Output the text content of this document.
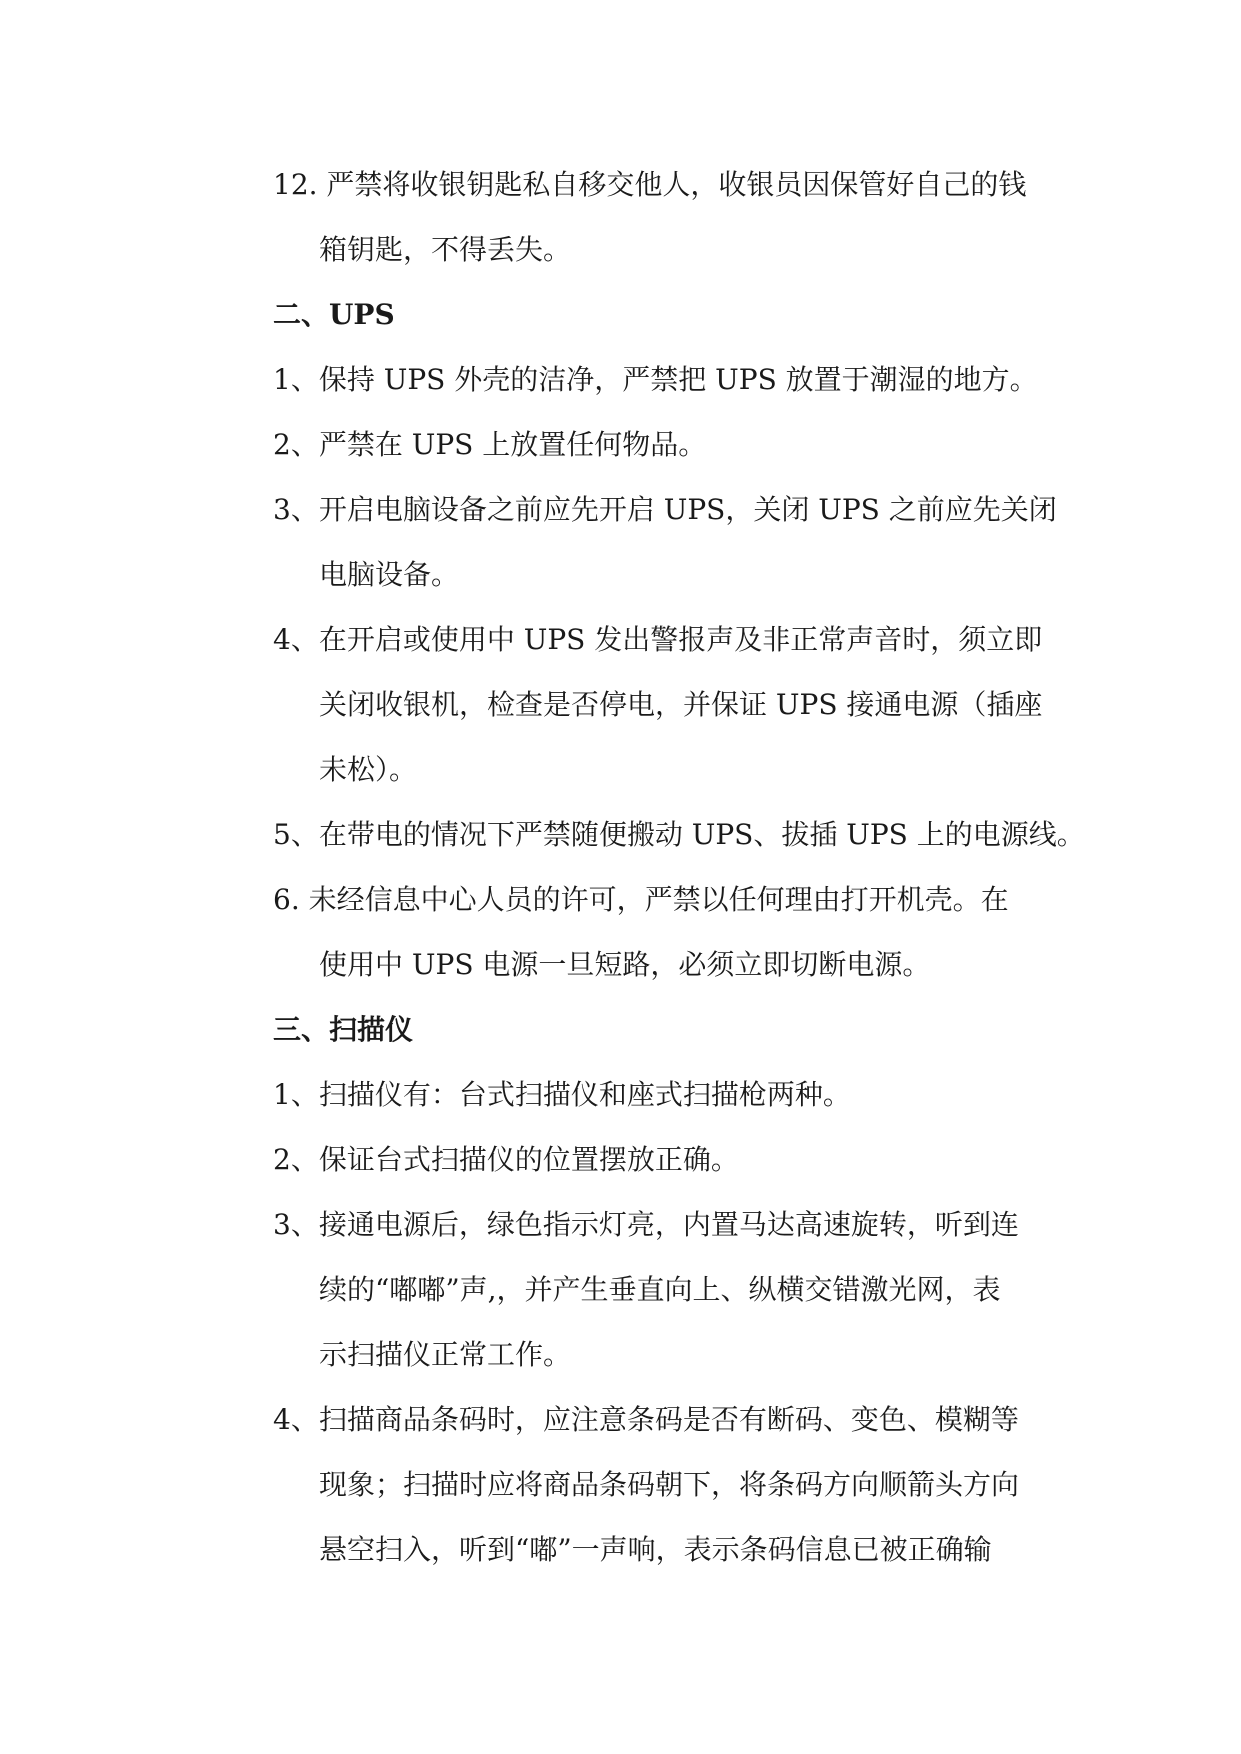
12. 严禁将收银钥匙私自移交他人，收银员因保管好自己的钱
箱钥匙，不得丢失。
二、UPS
1、保持 UPS 外壳的洁净，严禁把 UPS 放置于潮湿的地方。
2、严禁在 UPS 上放置任何物品。
3、开启电脑设备之前应先开启 UPS，关闭 UPS 之前应先关闭
电脑设备。
4、在开启或使用中 UPS 发出警报声及非正常声音时，须立即
关闭收银机，检查是否停电，并保证 UPS 接通电源（插座
未松）。
5、在带电的情况下严禁随便搬动 UPS、拔插 UPS 上的电源线。
6. 未经信息中心人员的许可，严禁以任何理由打开机壳。在
使用中 UPS 电源一旦短路，必须立即切断电源。
三、扫描仪
1、扫描仪有：台式扫描仪和座式扫描枪两种。
2、保证台式扫描仪的位置摆放正确。
3、接通电源后，绿色指示灯亮，内置马达高速旋转，听到连
续的“嘟嘟”声,，并产生垂直向上、纵横交错激光网，表
示扫描仪正常工作。
4、扫描商品条码时，应注意条码是否有断码、变色、模糊等
现象；扫描时应将商品条码朝下，将条码方向顺箭头方向
悬空扫入，听到“嘟”一声响，表示条码信息已被正确输
